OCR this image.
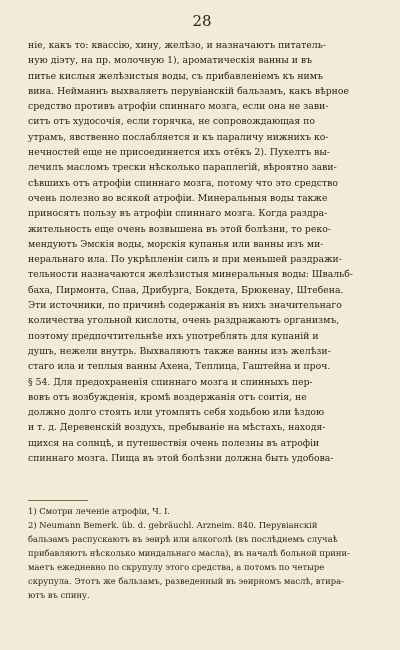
28
ніе, какъ то: квассію, хину, желѣзо, и назначаютъ питатель-
ную діэту, на пр. молочную 1), ароматическія ванны и въ
питье кислыя желѣзистыя воды, съ прибавленіемъ къ нимъ
вина. Нейманнъ выхваляетъ перувіанскій бальзамъ, какъ вѣрное
средство противъ атрофіи спиннаго мозга, если она не зави-
ситъ отъ худосочія, если горячка, не сопровождающая по
утрамъ, явственно послабляется и къ параличу нижнихъ ко-
нечностей еще не присоединяется ихъ отёкъ 2). Пухелтъ вы-
лечилъ масломъ трески нѣсколько параплегій, вѣроятно зави-
сѣвшихъ отъ атрофіи спиннаго мозга, потому что это средство
очень полезно во всякой атрофіи. Минеральныя воды также
приносятъ пользу въ атрофіи спиннаго мозга. Когда раздра-
жительность еще очень возвышена въ этой болѣзни, то реко-
мендуютъ Эмскія воды, морскія купанья или ванны изъ ми-
неральнаго ила. По укрѣпленіи силъ и при меньшей раздражи-
тельности назначаются желѣзистыя минеральныя воды: Швальб-
баха, Пирмонта, Спаа, Дрибурга, Бокдета, Брюкенау, Штебена.
Эти источники, по причинѣ содержанія въ нихъ значительнаго
количества угольной кислоты, очень раздражаютъ организмъ,
поэтому предпочтительнѣе ихъ употреблять для купаній и
душъ, нежели внутрь. Выхваляютъ также ванны изъ желѣзи-
стаго ила и теплыя ванны Ахена, Теплица, Гаштейна и проч.
§ 54. Для предохраненія спиннаго мозга и спинныхъ пер-
вовъ отъ возбужденія, кромѣ воздержанія отъ соитія, не
должно долго стоять или утомлять себя ходьбою или ѣздою
и т. д. Деревенскій воздухъ, пребываніе на мѣстахъ, находя-
щихся на солнцѣ, и путешествія очень полезны въ атрофіи
спиннаго мозга. Пища въ этой болѣзни должна быть удобова-
1) Смотри леченіе атрофіи, Ч. I.
2) Neumann Bemerk. üb. d. gebräuchl. Arzneim. 840. Перувіанскій
бальзамъ распускаютъ въ эѳирѣ или алкоголѣ (въ послѣднемъ случаѣ
прибавляютъ нѣсколько миндальнаго масла), въ началѣ больной прини-
маетъ ежедневно по скрупулу этого средства, а потомъ по четыре
скрупула. Этотъ же бальзамъ, разведенный въ эѳирномъ маслѣ, втира-
ютъ въ спину.
